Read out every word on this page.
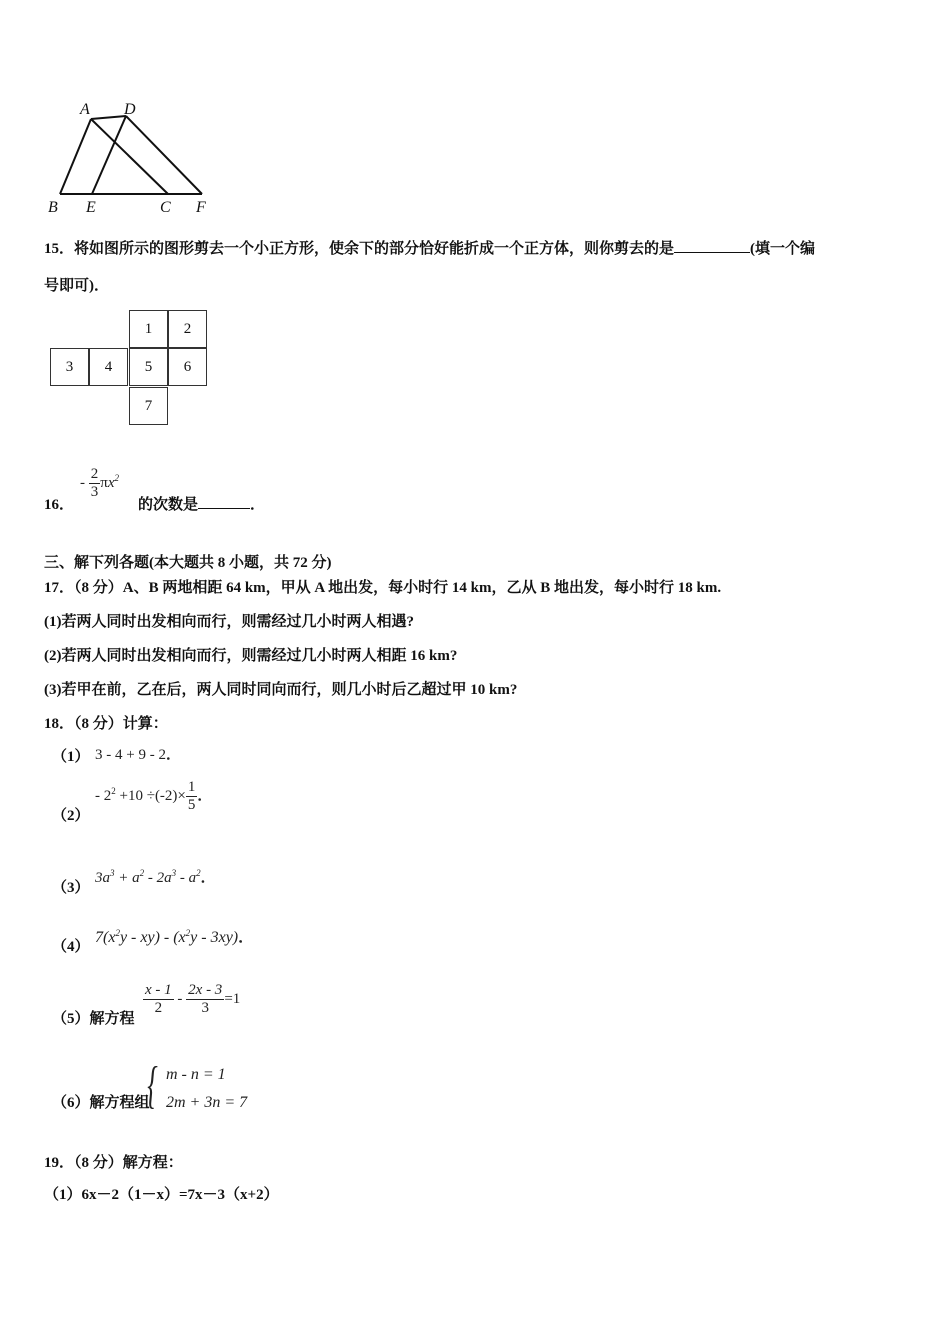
A D
B E	C F
15．将如图所示的图形剪去一个小正方形，使余下的部分恰好能折成一个正方体，则你剪去的是	(填一个编
号即可)．
1	2
3	4	5	6
7
16．
- $\frac{2}{3} \pi x^2$
的次数是	．
三、解下列各题(本大题共 8 小题，共 72 分)
17．（8 分）A、B 两地相距 64 km，甲从 A 地出发，每小时行 14 km，乙从 B 地出发，每小时行 18 km.
(1)若两人同时出发相向而行，则需经过几小时两人相遇?
(2)若两人同时出发相向而行，则需经过几小时两人相距 16 km?
(3)若甲在前，乙在后，两人同时同向而行，则几小时后乙超过甲 10 km?
18．（8 分）计算：
（1） 3 - 4 + 9 - 2．
（2）
- $2^2 +10 \div(-2)\times \frac{1}{5}$ ．
（3）
$3a^3 + a^2 - 2a^3 - a^2$．
（4）
$7(x^2y - xy) - (x^2y - 3xy)$．
（5）解方程
$\frac{x - 1}{2} - \frac{2x - 3}{3} =1$
（6）解方程组
{ m - n = 1
2m + 3n = 7
19．（8 分）解方程：
（1）6x－2（1－x）=7x－3（x+2）
